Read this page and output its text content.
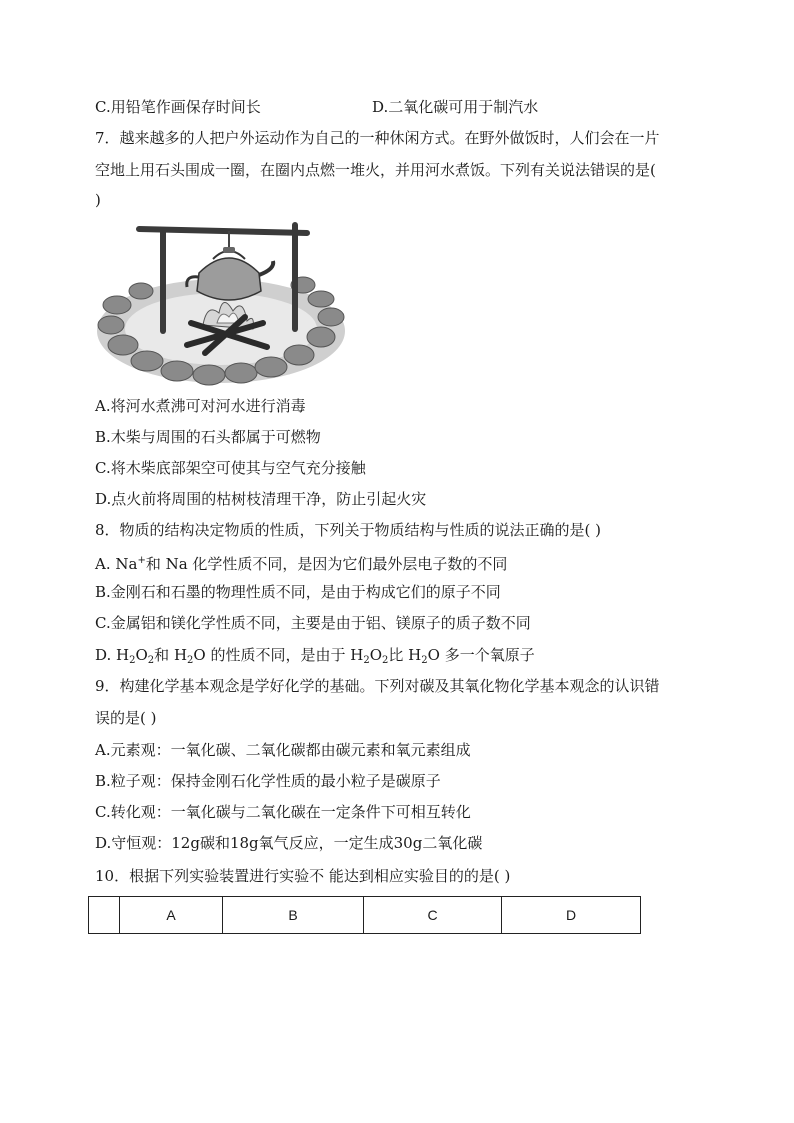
C.用铅笔作画保存时间长	D.二氧化碳可用于制汽水
7．越来越多的人把户外运动作为自己的一种休闲方式。在野外做饭时，人们会在一片
空地上用石头围成一圈，在圈内点燃一堆火，并用河水煮饭。下列有关说法错误的是(
)
A.将河水煮沸可对河水进行消毒
B.木柴与周围的石头都属于可燃物
C.将木柴底部架空可使其与空气充分接触
D.点火前将周围的枯树枝清理干净，防止引起火灾
8．物质的结构决定物质的性质，下列关于物质结构与性质的说法正确的是( )
A. Na+和 Na 化学性质不同，是因为它们最外层电子数的不同
B.金刚石和石墨的物理性质不同，是由于构成它们的原子不同
C.金属铝和镁化学性质不同，主要是由于铝、镁原子的质子数不同
D. $H_2O_2$和 $H_2O$ 的性质不同，是由于 $H_2O_2$比 $H_2O$ 多一个氧原子
9．构建化学基本观念是学好化学的基础。下列对碳及其氧化物化学基本观念的认识错
误的是( )
A.元素观：一氧化碳、二氧化碳都由碳元素和氧元素组成
B.粒子观：保持金刚石化学性质的最小粒子是碳原子
C.转化观：一氧化碳与二氧化碳在一定条件下可相互转化
D.守恒观：12g碳和18g氧气反应，一定生成30g二氧化碳
10．根据下列实验装置进行实验不 能达到相应实验目的的是( )
	A	B	C	D
